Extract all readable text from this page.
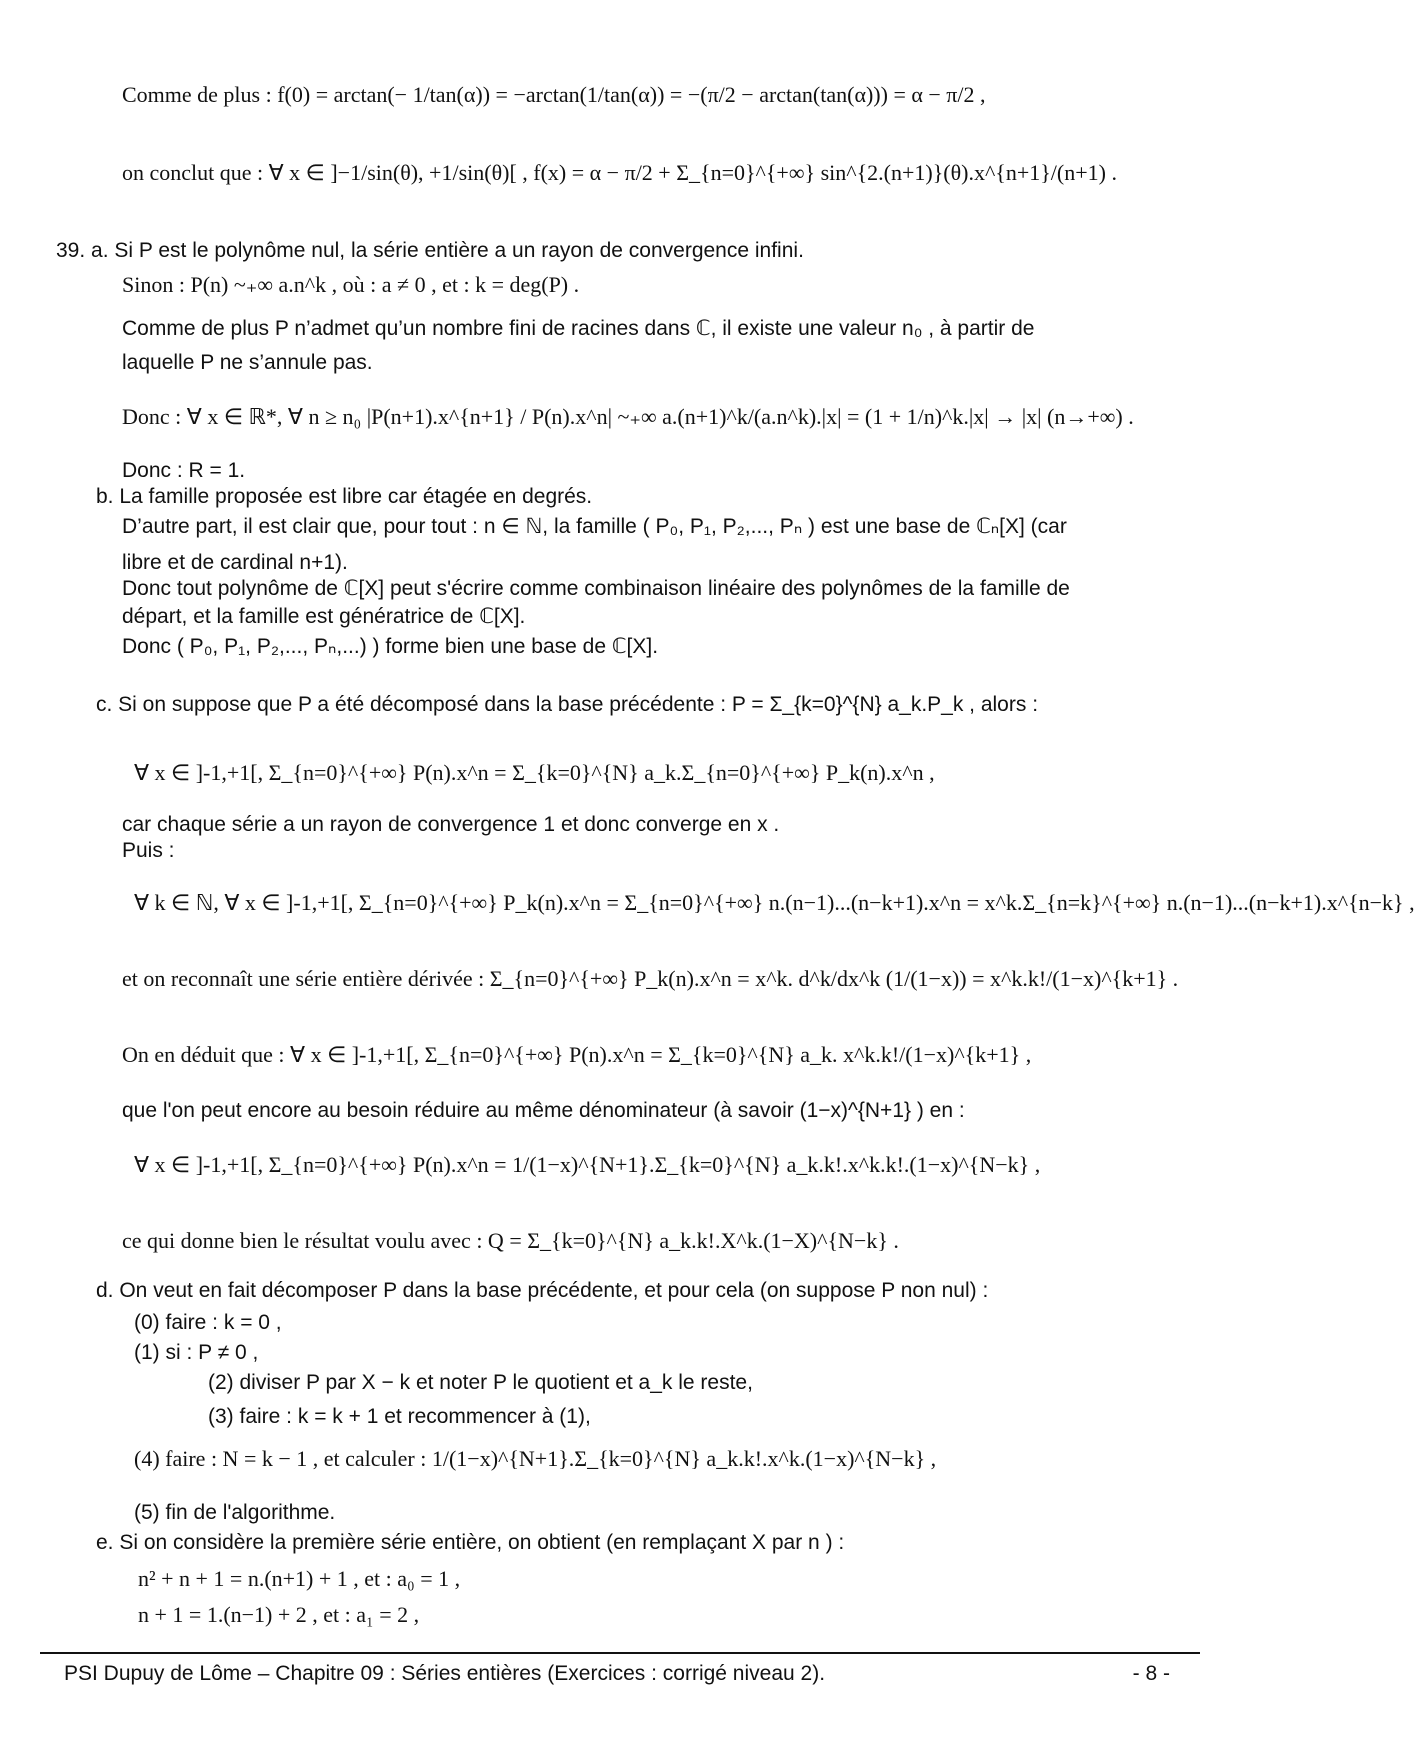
Comme de plus : f(0) = arctan(− 1/tan(α)) = −arctan(1/tan(α)) = −(π/2 − arctan(tan(α))) = α − π/2 ,
on conclut que : ∀ x ∈ ]−1/sin(θ), +1/sin(θ)[ , f(x) = α − π/2 + Σ_{n=0}^{+∞} sin^{2.(n+1)}(θ).x^{n+1}/(n+1) .
39. a. Si P est le polynôme nul, la série entière a un rayon de convergence infini.
Sinon : P(n) ~₊∞ a.n^k , où : a ≠ 0 , et : k = deg(P) .
Comme de plus P n’admet qu’un nombre fini de racines dans ℂ, il existe une valeur n₀ , à partir de
laquelle P ne s’annule pas.
Donc : ∀ x ∈ ℝ*, ∀ n ≥ n₀ |P(n+1).x^{n+1} / P(n).x^n| ~₊∞ a.(n+1)^k/(a.n^k).|x| = (1 + 1/n)^k.|x| → |x| (n→+∞) .
Donc : R = 1.
b. La famille proposée est libre car étagée en degrés.
D’autre part, il est clair que, pour tout : n ∈ ℕ, la famille ( P₀, P₁, P₂,..., Pₙ ) est une base de ℂₙ[X] (car
libre et de cardinal n+1).
Donc tout polynôme de ℂ[X] peut s'écrire comme combinaison linéaire des polynômes de la famille de
départ, et la famille est génératrice de ℂ[X].
Donc ( P₀, P₁, P₂,..., Pₙ,...) ) forme bien une base de ℂ[X].
c. Si on suppose que P a été décomposé dans la base précédente : P = Σ_{k=0}^{N} a_k.P_k , alors :
∀ x ∈ ]-1,+1[, Σ_{n=0}^{+∞} P(n).x^n = Σ_{k=0}^{N} a_k.Σ_{n=0}^{+∞} P_k(n).x^n ,
car chaque série a un rayon de convergence 1 et donc converge en x .
Puis :
∀ k ∈ ℕ, ∀ x ∈ ]-1,+1[, Σ_{n=0}^{+∞} P_k(n).x^n = Σ_{n=0}^{+∞} n.(n−1)...(n−k+1).x^n = x^k.Σ_{n=k}^{+∞} n.(n−1)...(n−k+1).x^{n−k} ,
et on reconnaît une série entière dérivée : Σ_{n=0}^{+∞} P_k(n).x^n = x^k. d^k/dx^k (1/(1−x)) = x^k.k!/(1−x)^{k+1} .
On en déduit que : ∀ x ∈ ]-1,+1[, Σ_{n=0}^{+∞} P(n).x^n = Σ_{k=0}^{N} a_k. x^k.k!/(1−x)^{k+1} ,
que l'on peut encore au besoin réduire au même dénominateur (à savoir (1−x)^{N+1} ) en :
∀ x ∈ ]-1,+1[, Σ_{n=0}^{+∞} P(n).x^n = 1/(1−x)^{N+1}.Σ_{k=0}^{N} a_k.k!.x^k.k!.(1−x)^{N−k} ,
ce qui donne bien le résultat voulu avec : Q = Σ_{k=0}^{N} a_k.k!.X^k.(1−X)^{N−k} .
d. On veut en fait décomposer P dans la base précédente, et pour cela (on suppose P non nul) :
(0) faire : k = 0 ,
(1) si : P ≠ 0 ,
(2) diviser P par X − k et noter P le quotient et a_k le reste,
(3) faire : k = k + 1 et recommencer à (1),
(4) faire : N = k − 1 , et calculer : 1/(1−x)^{N+1}.Σ_{k=0}^{N} a_k.k!.x^k.(1−x)^{N−k} ,
(5) fin de l'algorithme.
e. Si on considère la première série entière, on obtient (en remplaçant X par n ) :
n² + n + 1 = n.(n+1) + 1 , et : a₀ = 1 ,
n + 1 = 1.(n−1) + 2 , et : a₁ = 2 ,
PSI Dupuy de Lôme – Chapitre 09 : Séries entières (Exercices : corrigé niveau 2).	- 8 -
